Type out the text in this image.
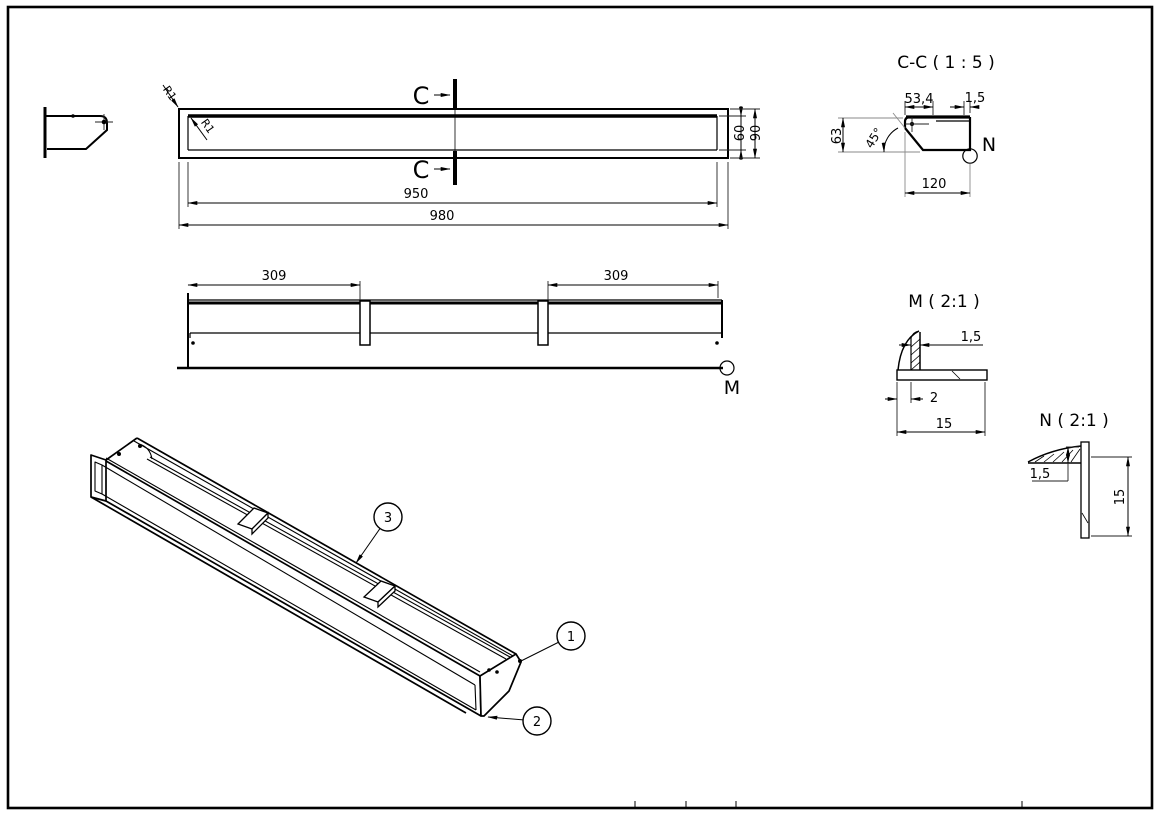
R1
R1
C
C
950
980
60 90
309	309
M
C-C ( 1 : 5 )
53,4 1,5
63 45°
120
N
M ( 2:1 )
1,5
2
15	N ( 2:1 )
1,5
15
3
1
2
